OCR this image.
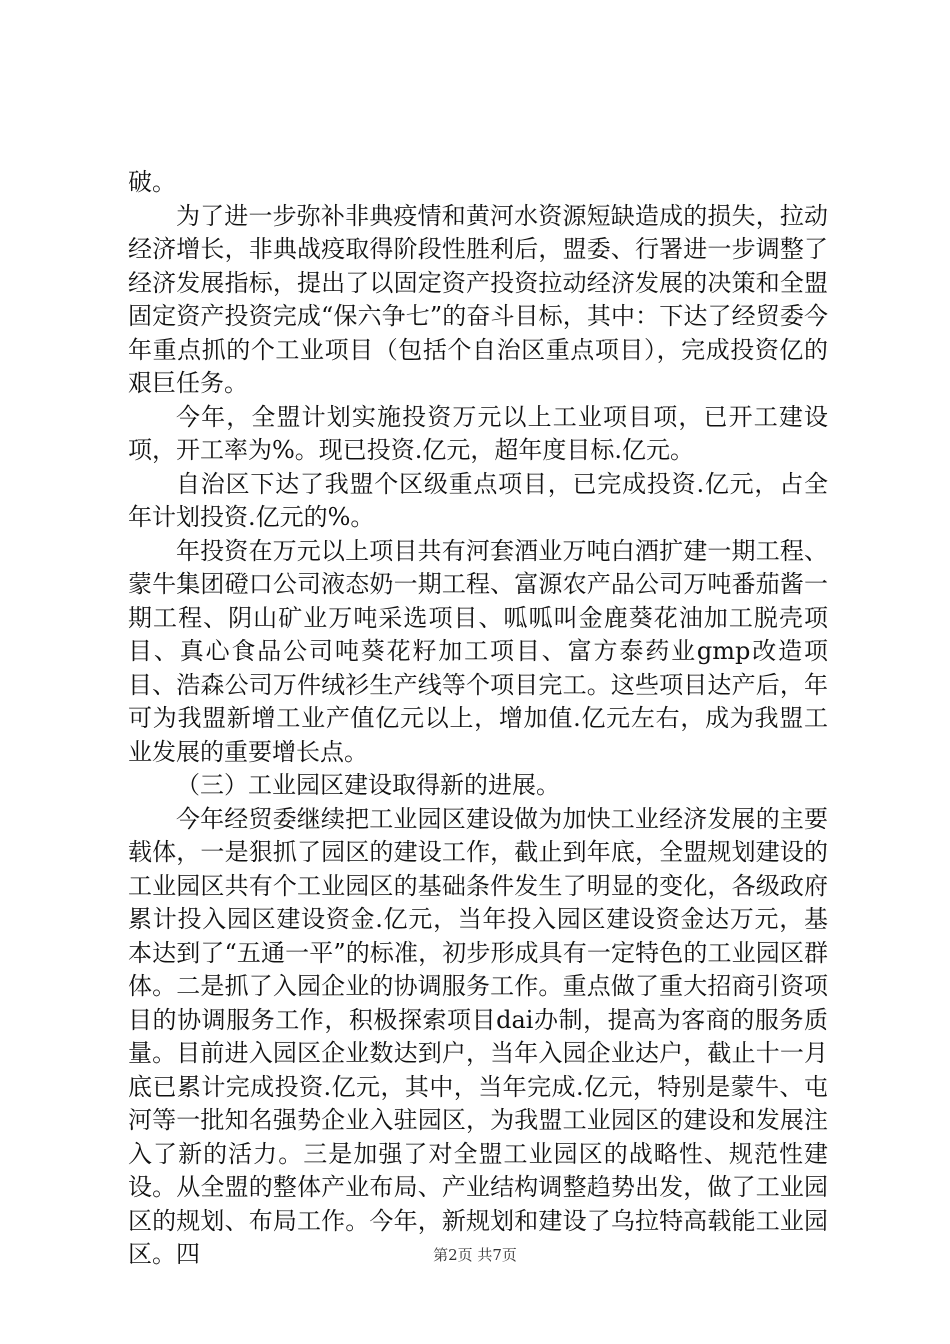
破。

为了进一步弥补非典疫情和黄河水资源短缺造成的损失，拉动经济增长，非典战疫取得阶段性胜利后，盟委、行署进一步调整了经济发展指标，提出了以固定资产投资拉动经济发展的决策和全盟固定资产投资完成“保六争七”的奋斗目标，其中：下达了经贸委今年重点抓的个工业项目（包括个自治区重点项目），完成投资亿的艰巨任务。

今年，全盟计划实施投资万元以上工业项目项，已开工建设项，开工率为%。现已投资.亿元，超年度目标.亿元。

自治区下达了我盟个区级重点项目，已完成投资.亿元，占全年计划投资.亿元的%。

年投资在万元以上项目共有河套酒业万吨白酒扩建一期工程、蒙牛集团磴口公司液态奶一期工程、富源农产品公司万吨番茄酱一期工程、阴山矿业万吨采选项目、呱呱叫金鹿葵花油加工脱壳项目、真心食品公司吨葵花籽加工项目、富方泰药业gmp改造项目、浩森公司万件绒衫生产线等个项目完工。这些项目达产后，年可为我盟新增工业产值亿元以上，增加值.亿元左右，成为我盟工业发展的重要增长点。

（三）工业园区建设取得新的进展。

今年经贸委继续把工业园区建设做为加快工业经济发展的主要载体，一是狠抓了园区的建设工作，截止到年底，全盟规划建设的工业园区共有个工业园区的基础条件发生了明显的变化，各级政府累计投入园区建设资金.亿元，当年投入园区建设资金达万元，基本达到了“五通一平”的标准，初步形成具有一定特色的工业园区群体。二是抓了入园企业的协调服务工作。重点做了重大招商引资项目的协调服务工作，积极探索项目dai办制，提高为客商的服务质量。目前进入园区企业数达到户，当年入园企业达户，截止十一月底已累计完成投资.亿元，其中，当年完成.亿元，特别是蒙牛、屯河等一批知名强势企业入驻园区，为我盟工业园区的建设和发展注入了新的活力。三是加强了对全盟工业园区的战略性、规范性建设。从全盟的整体产业布局、产业结构调整趋势出发，做了工业园区的规划、布局工作。今年，新规划和建设了乌拉特高载能工业园区。四	第2页 共7页
